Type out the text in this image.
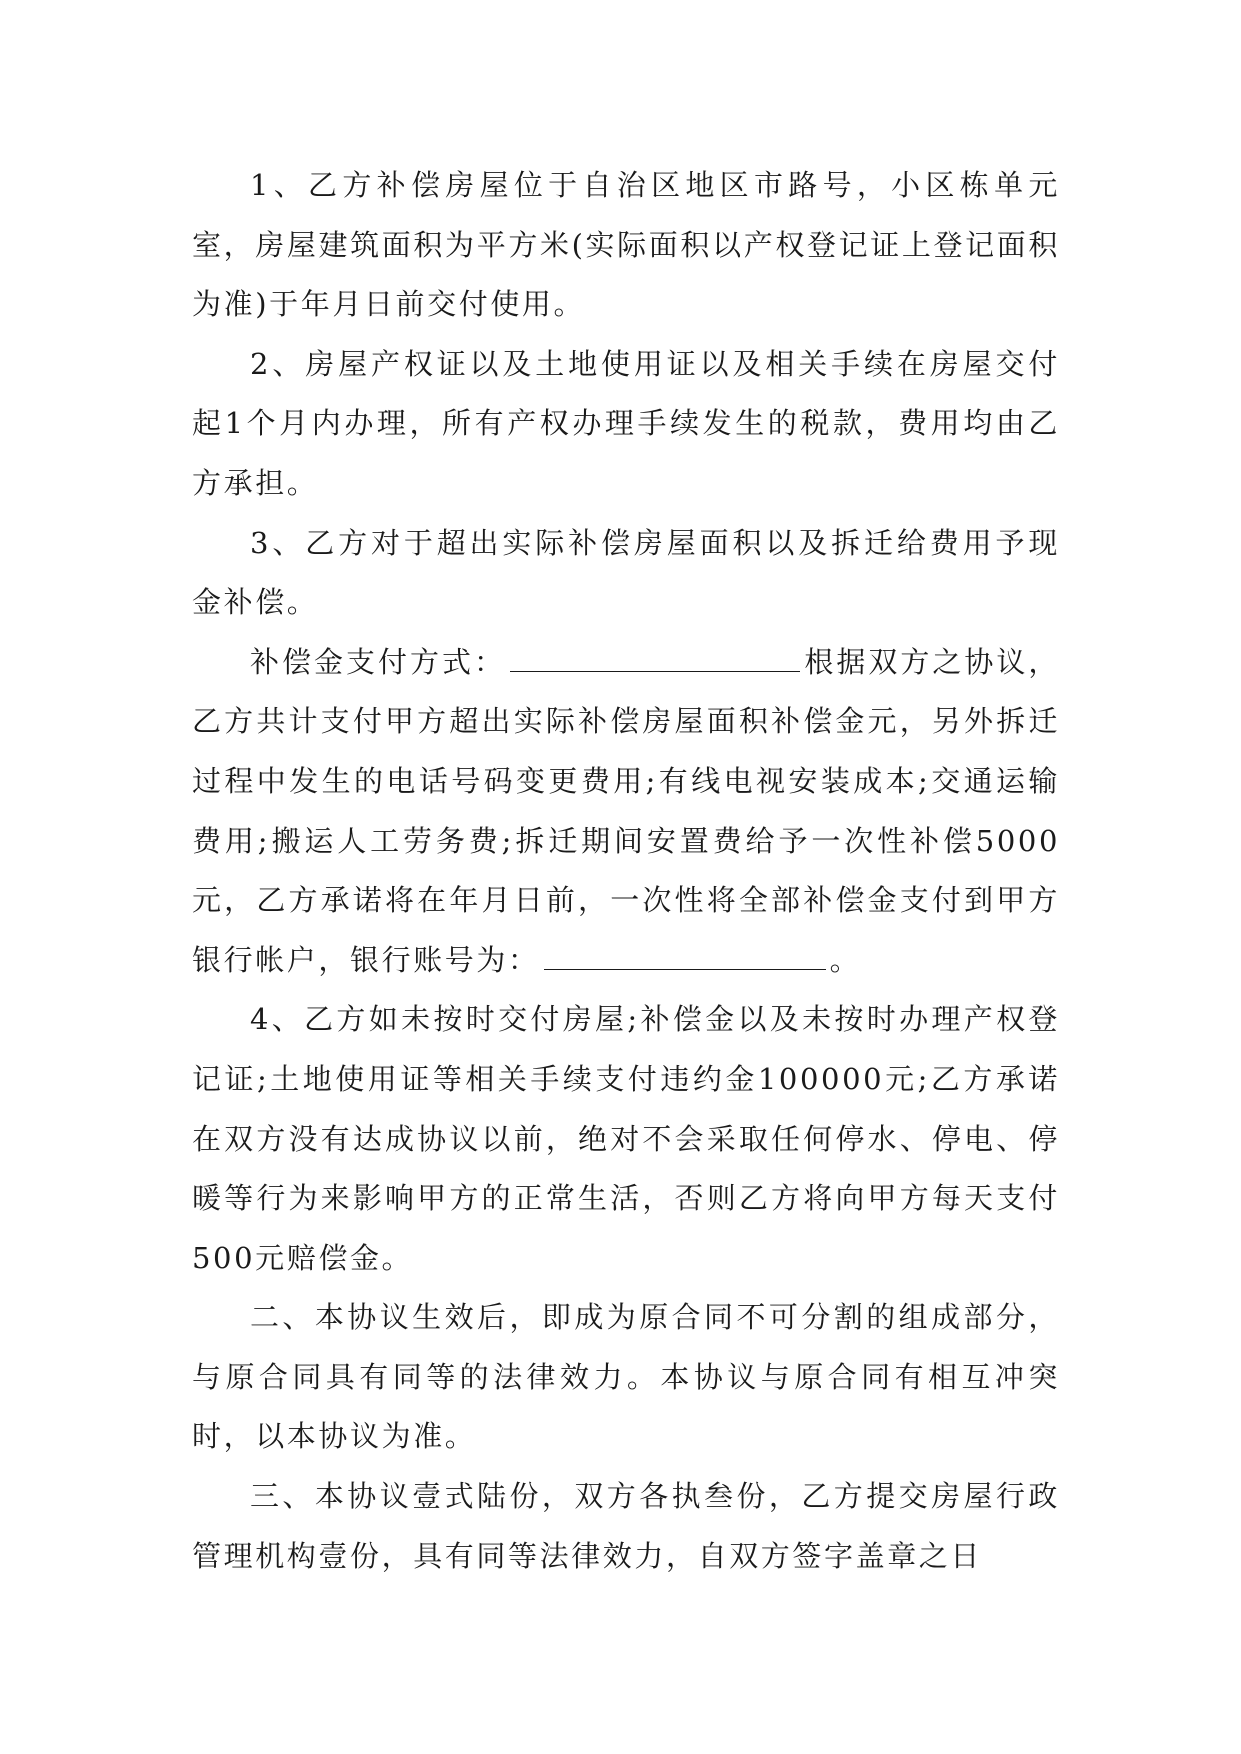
1、乙方补偿房屋位于自治区地区市路号，小区栋单元室，房屋建筑面积为平方米(实际面积以产权登记证上登记面积为准)于年月日前交付使用。

2、房屋产权证以及土地使用证以及相关手续在房屋交付起1个月内办理，所有产权办理手续发生的税款，费用均由乙方承担。

3、乙方对于超出实际补偿房屋面积以及拆迁给费用予现金补偿。

补偿金支付方式：	根据双方之协议，乙方共计支付甲方超出实际补偿房屋面积补偿金元，另外拆迁过程中发生的电话号码变更费用;有线电视安装成本;交通运输费用;搬运人工劳务费;拆迁期间安置费给予一次性补偿5000元，乙方承诺将在年月日前，一次性将全部补偿金支付到甲方银行帐户，银行账号为：	。

4、乙方如未按时交付房屋;补偿金以及未按时办理产权登记证;土地使用证等相关手续支付违约金100000元;乙方承诺在双方没有达成协议以前，绝对不会采取任何停水、停电、停暖等行为来影响甲方的正常生活，否则乙方将向甲方每天支付500元赔偿金。

二、本协议生效后，即成为原合同不可分割的组成部分，与原合同具有同等的法律效力。本协议与原合同有相互冲突时，以本协议为准。

三、本协议壹式陆份，双方各执叁份，乙方提交房屋行政管理机构壹份，具有同等法律效力，自双方签字盖章之日
